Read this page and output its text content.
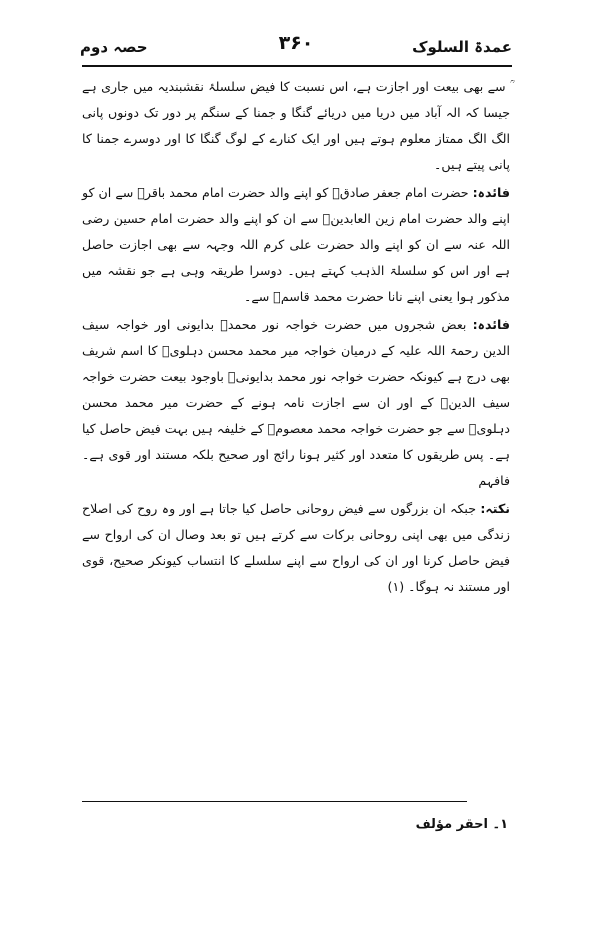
عمدۃ السلوک
۳۶۰
حصہ دوم

ؒ سے بھی بیعت اور اجازت ہے، اس نسبت کا فیض سلسلۂ نقشبندیہ میں جاری ہے جیسا کہ الہ آباد میں دریا میں دریائے گنگا و جمنا کے سنگم پر دور تک دونوں پانی الگ الگ ممتاز معلوم ہوتے ہیں اور ایک کنارے کے لوگ گنگا کا اور دوسرے جمنا کا پانی پیتے ہیں۔

فائدہ: حضرت امام جعفر صادقؒ کو اپنے والد حضرت امام محمد باقرؒ سے ان کو اپنے والد حضرت امام زین العابدینؒ سے ان کو اپنے والد حضرت امام حسین رضی اللہ عنہ سے ان کو اپنے والد حضرت علی کرم اللہ وجہہ سے بھی اجازت حاصل ہے اور اس کو سلسلۃ الذہب کہتے ہیں۔ دوسرا طریقہ وہی ہے جو نقشہ میں مذکور ہوا یعنی اپنے نانا حضرت محمد قاسمؒ سے۔

فائدہ: بعض شجروں میں حضرت خواجہ نور محمدؒ بدایونی اور خواجہ سیف الدین رحمۃ اللہ علیہ کے درمیان خواجہ میر محمد محسن دہلویؒ کا اسم شریف بھی درج ہے کیونکہ حضرت خواجہ نور محمد بدایونیؒ باوجود بیعت حضرت خواجہ سیف الدینؒ کے اور ان سے اجازت نامہ ہونے کے حضرت میر محمد محسن دہلویؒ سے جو حضرت خواجہ محمد معصومؒ کے خلیفہ ہیں بہت فیض حاصل کیا ہے۔ پس طریقوں کا متعدد اور کثیر ہونا رائج اور صحیح بلکہ مستند اور قوی ہے۔ فافہم

نکتہ: جبکہ ان بزرگوں سے فیض روحانی حاصل کیا جاتا ہے اور وہ روح کی اصلاح زندگی میں بھی اپنی روحانی برکات سے کرتے ہیں تو بعد وصال ان کی ارواح سے فیض حاصل کرنا اور ان کی ارواح سے اپنے سلسلے کا انتساب کیونکر صحیح، قوی اور مستند نہ ہوگا۔ (۱)

۱۔ احقر مؤلف
